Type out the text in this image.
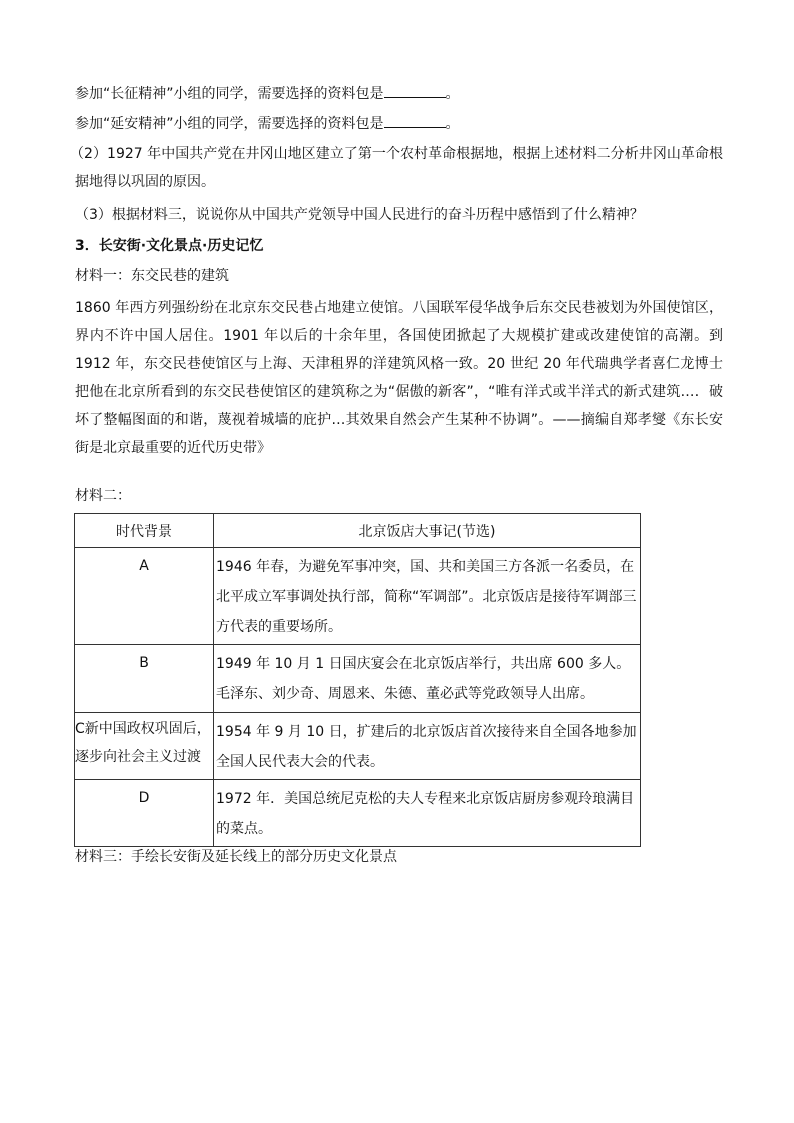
参加“长征精神”小组的同学，需要选择的资料包是	。
参加“延安精神”小组的同学，需要选择的资料包是	。
（2）1927 年中国共产党在井冈山地区建立了第一个农村革命根据地，根据上述材料二分析井冈山革命根据地得以巩固的原因。
（3）根据材料三，说说你从中国共产党领导中国人民进行的奋斗历程中感悟到了什么精神？
3．长安街·文化景点·历史记忆
材料一：东交民巷的建筑
1860 年西方列强纷纷在北京东交民巷占地建立使馆。八国联军侵华战争后东交民巷被划为外国使馆区，界内不许中国人居住。1901 年以后的十余年里，各国使团掀起了大规模扩建或改建使馆的高潮。到 1912 年，东交民巷使馆区与上海、天津租界的洋建筑风格一致。20 世纪 20 年代瑞典学者喜仁龙博士把他在北京所看到的东交民巷使馆区的建筑称之为“倨傲的新客”，“唯有洋式或半洋式的新式建筑…．破坏了整幅图面的和谐，蔑视着城墙的庇护…其效果自然会产生某种不协调”。——摘编自郑孝燮《东长安街是北京最重要的近代历史带》
材料二：
时代背景	北京饭店大事记(节选)
A	1946 年春，为避免军事冲突，国、共和美国三方各派一名委员，在北平成立军事调处执行部，简称“军调部”。北京饭店是接待军调部三方代表的重要场所。
B	1949 年 10 月 1 日国庆宴会在北京饭店举行，共出席 600 多人。毛泽东、刘少奇、周恩来、朱德、董必武等党政领导人出席。
C新中国政权巩固后，逐步向社会主义过渡	1954 年 9 月 10 日，扩建后的北京饭店首次接待来自全国各地参加全国人民代表大会的代表。
D	1972 年．美国总统尼克松的夫人专程来北京饭店厨房参观玲琅满目的菜点。
材料三：手绘长安街及延长线上的部分历史文化景点
